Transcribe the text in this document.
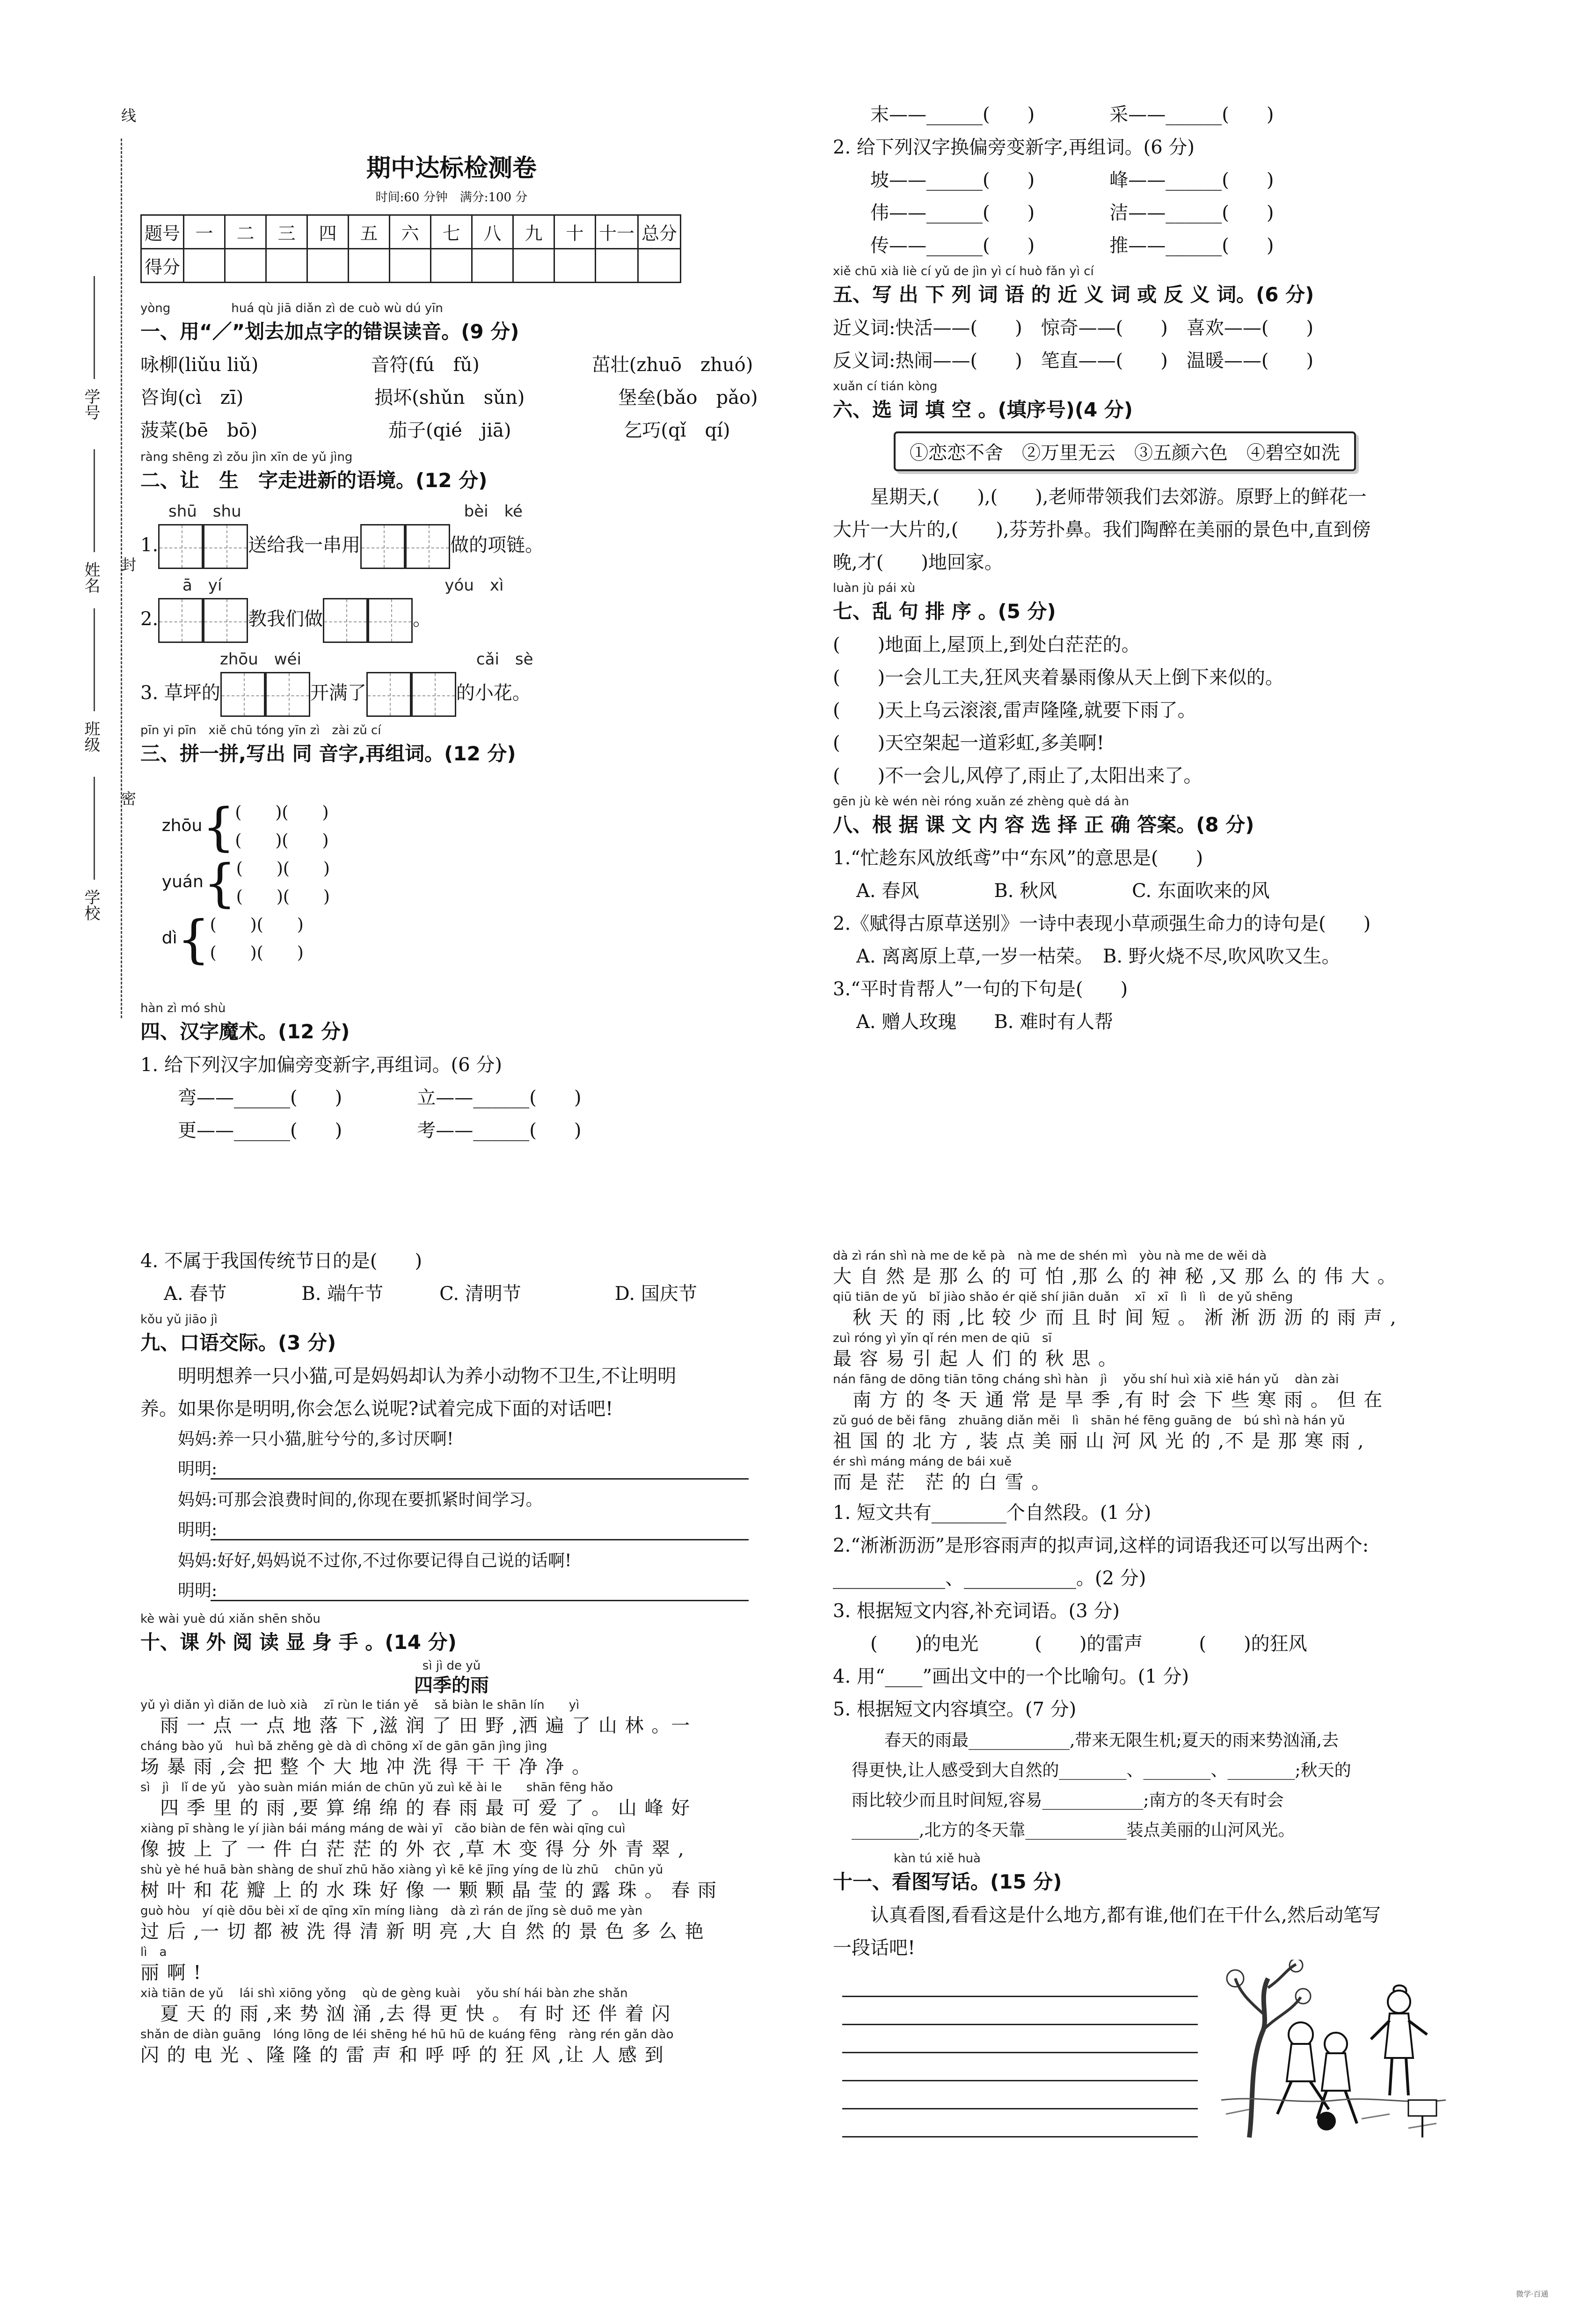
线
封
密
学号
姓名
班级
学校
期中达标检测卷
时间:60 分钟　满分:100 分
题号	一	二	三	四	五	六	七	八	九	十	十一	总分
得分												
yòng　　　　　huá qù jiā diǎn zì de cuò wù dú yīn
一、用“／”划去加点字的错误读音。(9 分)
咏柳(liǔu liǔ)　　　　　　音符(fú　fǔ)　　　　　　茁壮(zhuō　zhuó)
咨询(cì　zī)　　　　　　　损坏(shǔn　sǔn)　　　　　堡垒(bǎo　pǎo)
菠菜(bē　bō)　　　　　　　茄子(qié　jiā)　　　　　　乞巧(qǐ　qí)
ràng shēng zì zǒu jìn xīn de yǔ jìng
二、让　生　字走进新的语境。(12 分)
shū　shu　　　　　　　　　　　　　　bèi　ké
1.	送给我一串用	做的项链。
ā　yí　　　　　　　　　　　　　　yóu　xì
2.	教我们做	。
zhōu　wéi　　　　　　　　　　　cǎi　sè
3. 草坪的	开满了	的小花。
pīn yi pīn　xiě chū tóng yīn zì　zài zǔ cí
三、拼一拼,写出 同 音字,再组词。(12 分)

zhōu{ (　　)(　　)
(　　)(　　)

yuán{ (　　)(　　)
(　　)(　　)

dì{ (　　)(　　)
(　　)(　　)

hàn zì mó shù
四、汉字魔术。(12 分)
1. 给下列汉字加偏旁变新字,再组词。(6 分)
弯——______(　　)　　　　立——______(　　)
更——______(　　)　　　　考——______(　　)
末——______(　　)　　　　采——______(　　)
2. 给下列汉字换偏旁变新字,再组词。(6 分)
坡——______(　　)　　　　峰——______(　　)
伟——______(　　)　　　　洁——______(　　)
传——______(　　)　　　　推——______(　　)
xiě chū xià liè cí yǔ de jìn yì cí huò fǎn yì cí
五、写 出 下 列 词 语 的 近 义 词 或 反 义 词。(6 分)
近义词:快活——(　　)　惊奇——(　　)　喜欢——(　　)
反义词:热闹——(　　)　笔直——(　　)　温暖——(　　)
xuǎn cí tián kòng
六、选 词 填 空 。(填序号)(4 分)
①恋恋不舍　②万里无云　③五颜六色　④碧空如洗
星期天,(　　),(　　),老师带领我们去郊游。原野上的鲜花一
大片一大片的,(　　),芬芳扑鼻。我们陶醉在美丽的景色中,直到傍
晚,才(　　)地回家。
luàn jù pái xù
七、乱 句 排 序 。(5 分)
(　　)地面上,屋顶上,到处白茫茫的。
(　　)一会儿工夫,狂风夹着暴雨像从天上倒下来似的。
(　　)天上乌云滚滚,雷声隆隆,就要下雨了。
(　　)天空架起一道彩虹,多美啊!
(　　)不一会儿,风停了,雨止了,太阳出来了。
gēn jù kè wén nèi róng xuǎn zé zhèng què dá àn
八、根 据 课 文 内 容 选 择 正 确 答案。(8 分)
1.“忙趁东风放纸鸢”中“东风”的意思是(　　)
A. 春风　　　　B. 秋风　　　　C. 东面吹来的风
2.《赋得古原草送别》一诗中表现小草顽强生命力的诗句是(　　)
A. 离离原上草,一岁一枯荣。　B. 野火烧不尽,吹风吹又生。
3.“平时肯帮人”一句的下句是(　　)
A. 赠人玫瑰　　B. 难时有人帮
4. 不属于我国传统节日的是(　　)
A. 春节　　　　B. 端午节　　　C. 清明节　　　　　D. 国庆节
kǒu yǔ jiāo jì
九、口语交际。(3 分)
明明想养一只小猫,可是妈妈却认为养小动物不卫生,不让明明
养。如果你是明明,你会怎么说呢?试着完成下面的对话吧!
妈妈:养一只小猫,脏兮兮的,多讨厌啊!
明明:
妈妈:可那会浪费时间的,你现在要抓紧时间学习。
明明:
妈妈:好好,妈妈说不过你,不过你要记得自己说的话啊!
明明:
kè wài yuè dú xiǎn shēn shǒu
十、课 外 阅 读 显 身 手 。(14 分)
sì jì de yǔ
四季的雨
yǔ yì diǎn yì diǎn de luò xià　 zī rùn le tián yě　 sǎ biàn le shān lín　　yì
　雨 一 点 一 点 地 落 下 ,滋 润 了 田 野 ,洒 遍 了 山 林 。一
cháng bào yǔ　huì bǎ zhěng gè dà dì chōng xǐ de gān gān jìng jìng
场 暴 雨 ,会 把 整 个 大 地 冲 洗 得 干 干 净 净 。
sì　jì　lǐ de yǔ　yào suàn mián mián de chūn yǔ zuì kě ài le　　shān fēng hǎo
　四 季 里 的 雨 ,要 算 绵 绵 的 春 雨 最 可 爱 了 。 山 峰 好
xiàng pī shàng le yí jiàn bái máng máng de wài yī　cǎo biàn de fēn wài qīng cuì
像 披 上 了 一 件 白 茫 茫 的 外 衣 ,草 木 变 得 分 外 青 翠 ,
shù yè hé huā bàn shàng de shuǐ zhū hǎo xiàng yì kē kē jīng yíng de lù zhū　 chūn yǔ
树 叶 和 花 瓣 上 的 水 珠 好 像 一 颗 颗 晶 莹 的 露 珠 。 春 雨
guò hòu　yí qiè dōu bèi xǐ de qīng xīn míng liàng　dà zì rán de jǐng sè duō me yàn
过 后 ,一 切 都 被 洗 得 清 新 明 亮 ,大 自 然 的 景 色 多 么 艳
lì　a
丽 啊 !
xià tiān de yǔ　 lái shì xiōng yǒng　 qù de gèng kuài　 yǒu shí hái bàn zhe shǎn
　夏 天 的 雨 ,来 势 汹 涌 ,去 得 更 快 。 有 时 还 伴 着 闪
shǎn de diàn guāng　lóng lōng de léi shēng hé hū hū de kuáng fēng　ràng rén gǎn dào
闪 的 电 光 、隆 隆 的 雷 声 和 呼 呼 的 狂 风 ,让 人 感 到
dà zì rán shì nà me de kě pà　nà me de shén mì　yòu nà me de wěi dà
大 自 然 是 那 么 的 可 怕 ,那 么 的 神 秘 ,又 那 么 的 伟 大 。
qiū tiān de yǔ　bǐ jiào shǎo ér qiě shí jiān duǎn　 xī　xī　lì　lì　de yǔ shēng
　秋 天 的 雨 ,比 较 少 而 且 时 间 短 。 淅 淅 沥 沥 的 雨 声 ,
zuì róng yì yǐn qǐ rén men de qiū　sī
最 容 易 引 起 人 们 的 秋 思 。
nán fāng de dōng tiān tōng cháng shì hàn　jì　 yǒu shí huì xià xiē hán yǔ　 dàn zài
　南 方 的 冬 天 通 常 是 旱 季 ,有 时 会 下 些 寒 雨 。 但 在
zǔ guó de běi fāng　zhuāng diǎn měi　lì　shān hé fēng guāng de　bú shì nà hán yǔ
祖 国 的 北 方 , 装 点 美 丽 山 河 风 光 的 ,不 是 那 寒 雨 ,
ér shì máng máng de bái xuě
而 是 茫　茫 的 白 雪 。
1. 短文共有________个自然段。(1 分)
2.“淅淅沥沥”是形容雨声的拟声词,这样的词语我还可以写出两个:
____________、____________。(2 分)
3. 根据短文内容,补充词语。(3 分)
(　　)的电光　　　(　　)的雷声　　　(　　)的狂风
4. 用“____”画出文中的一个比喻句。(1 分)
5. 根据短文内容填空。(7 分)
春天的雨最____________,带来无限生机;夏天的雨来势汹涌,去
得更快,让人感受到大自然的________、________、________;秋天的
雨比较少而且时间短,容易____________;南方的冬天有时会
________,北方的冬天靠____________装点美丽的山河风光。
kàn tú xiě huà
十一、看图写话。(15 分)
认真看图,看看这是什么地方,都有谁,他们在干什么,然后动笔写
一段话吧!
微学·百通
